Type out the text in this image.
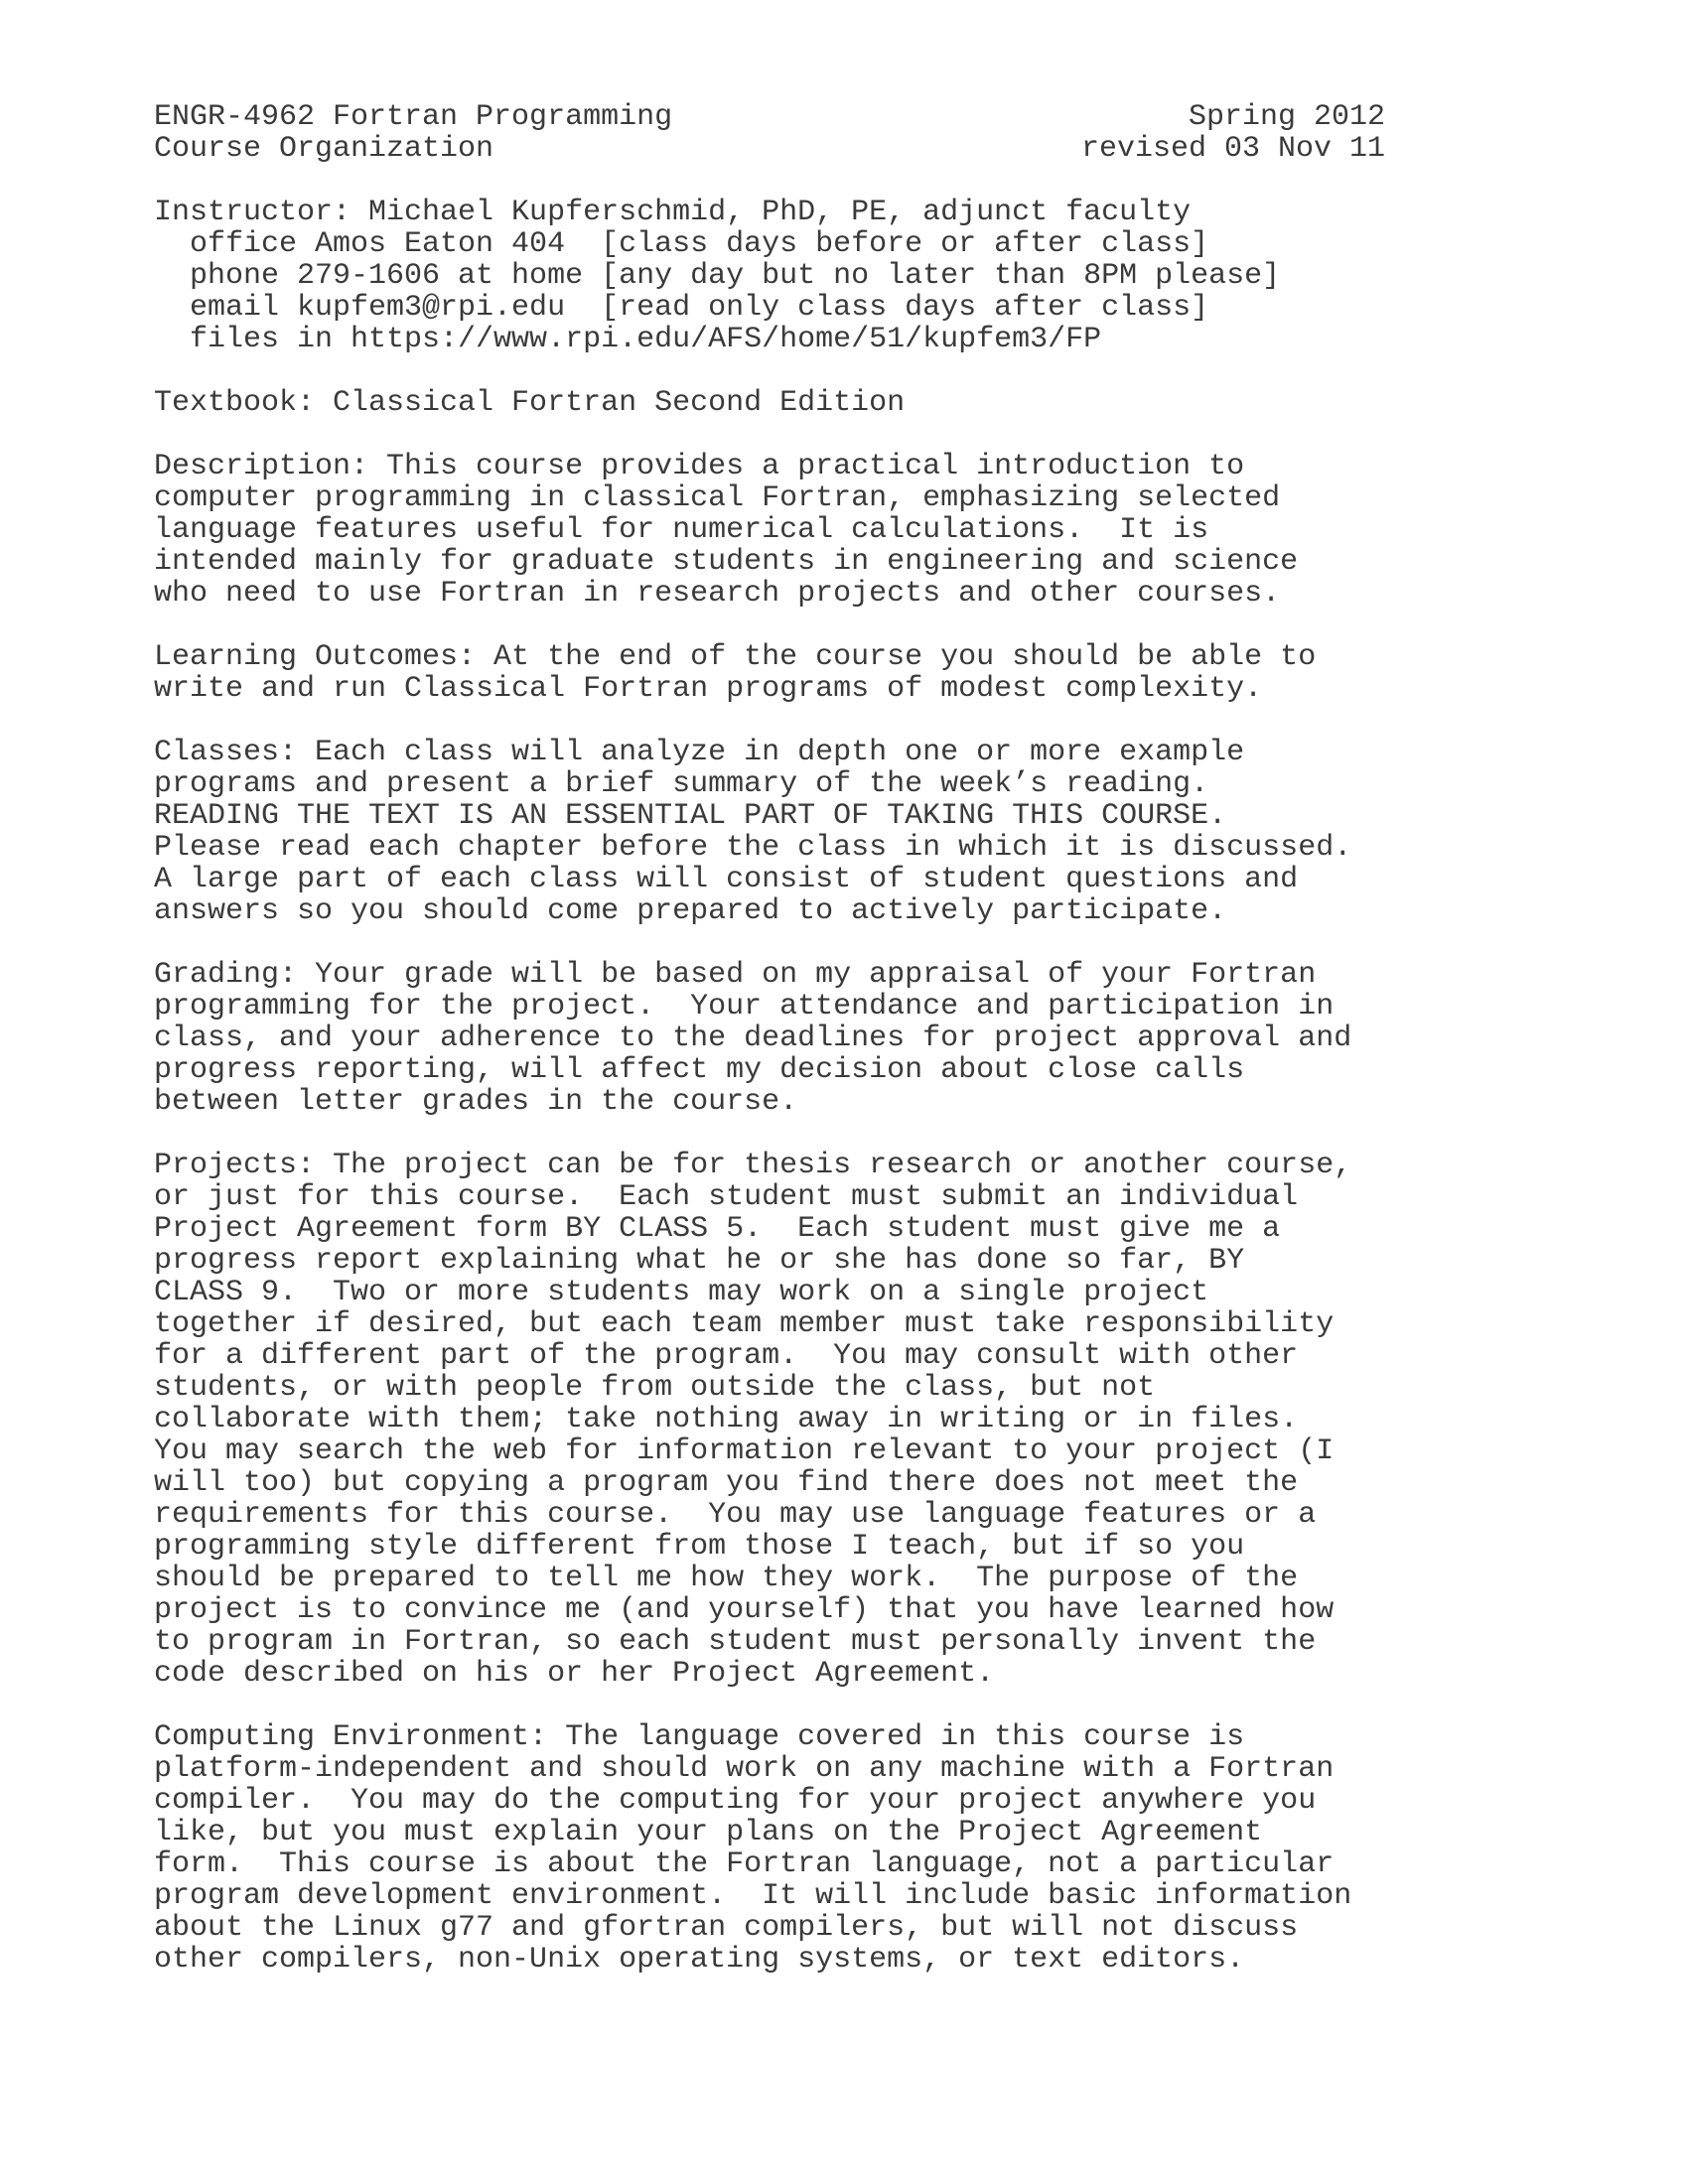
ENGR-4962 Fortran Programming	Spring 2012
Course Organization	revised 03 Nov 11
Instructor: Michael Kupferschmid, PhD, PE, adjunct faculty
office Amos Eaton 404  [class days before or after class]
phone 279-1606 at home [any day but no later than 8PM please]
email kupfem3@rpi.edu  [read only class days after class]
files in https://www.rpi.edu/AFS/home/51/kupfem3/FP
Textbook: Classical Fortran Second Edition
Description: This course provides a practical introduction to
computer programming in classical Fortran, emphasizing selected
language features useful for numerical calculations.  It is
intended mainly for graduate students in engineering and science
who need to use Fortran in research projects and other courses.
Learning Outcomes: At the end of the course you should be able to
write and run Classical Fortran programs of modest complexity.
Classes: Each class will analyze in depth one or more example
programs and present a brief summary of the week’s reading.
READING THE TEXT IS AN ESSENTIAL PART OF TAKING THIS COURSE.
Please read each chapter before the class in which it is discussed.
A large part of each class will consist of student questions and
answers so you should come prepared to actively participate.
Grading: Your grade will be based on my appraisal of your Fortran
programming for the project.  Your attendance and participation in
class, and your adherence to the deadlines for project approval and
progress reporting, will affect my decision about close calls
between letter grades in the course.
Projects: The project can be for thesis research or another course,
or just for this course.  Each student must submit an individual
Project Agreement form BY CLASS 5.  Each student must give me a
progress report explaining what he or she has done so far, BY
CLASS 9.  Two or more students may work on a single project
together if desired, but each team member must take responsibility
for a different part of the program.  You may consult with other
students, or with people from outside the class, but not
collaborate with them; take nothing away in writing or in files.
You may search the web for information relevant to your project (I
will too) but copying a program you find there does not meet the
requirements for this course.  You may use language features or a
programming style different from those I teach, but if so you
should be prepared to tell me how they work.  The purpose of the
project is to convince me (and yourself) that you have learned how
to program in Fortran, so each student must personally invent the
code described on his or her Project Agreement.
Computing Environment: The language covered in this course is
platform-independent and should work on any machine with a Fortran
compiler.  You may do the computing for your project anywhere you
like, but you must explain your plans on the Project Agreement
form.  This course is about the Fortran language, not a particular
program development environment.  It will include basic information
about the Linux g77 and gfortran compilers, but will not discuss
other compilers, non-Unix operating systems, or text editors.
